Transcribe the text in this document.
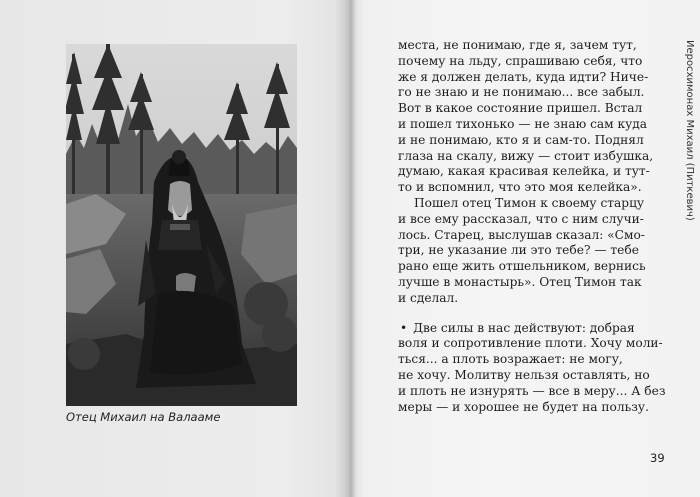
Отец Михаил на Валааме
места, не понимаю, где я, зачем тут,
почему на льду, спрашиваю себя, что
же я должен делать, куда идти? Ниче-
го не знаю и не понимаю... все забыл.
Вот в какое состояние пришел. Встал
и пошел тихонько — не знаю сам куда
и не понимаю, кто я и сам-то. Поднял
глаза на скалу, вижу — стоит избушка,
думаю, какая красивая келейка, и тут-
то и вспомнил, что это моя келейка».
Пошел отец Тимон к своему старцу
и все ему рассказал, что с ним случи-
лось. Старец, выслушав сказал: «Смо-
три, не указание ли это тебе? — тебе
рано еще жить отшельником, вернись
лучше в монастырь». Отец Тимон так
и сделал.
• Две силы в нас действуют: добрая
воля и сопротивление плоти. Хочу моли-
ться... а плоть возражает: не могу,
не хочу. Молитву нельзя оставлять, но
и плоть не изнурять — все в меру... А без
меры — и хорошее не будет на пользу.
Иеросхимонах Михаил (Питкевич)
39
